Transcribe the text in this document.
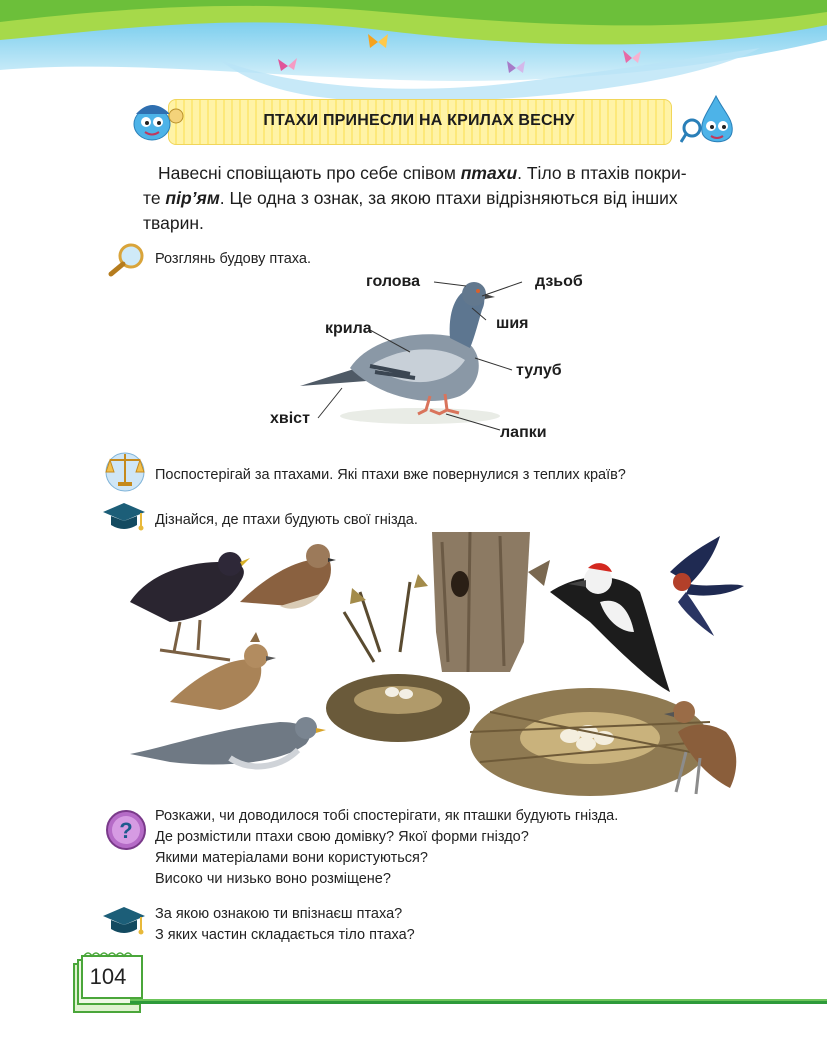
ПТАХИ ПРИНЕСЛИ НА КРИЛАХ ВЕСНУ
Навесні сповіщають про себе співом птахи. Тіло в птахів покри-
те пір’ям. Це одна з ознак, за якою птахи відрізняються від інших
тварин.
Розглянь будову птаха.
голова	дзьоб
шия
крила
тулуб
хвіст
лапки
Поспостерігай за птахами. Які птахи вже повернулися з теплих країв?
Дізнайся, де птахи будують свої гнізда.
?
Розкажи, чи доводилося тобі спостерігати, як пташки будують гнізда.
Де розмістили птахи свою домівку? Якої форми гніздо?
Якими матеріалами вони користуються?
Високо чи низько воно розміщене?
За якою ознакою ти впізнаєш птаха?
З яких частин складається тіло птаха?
104
